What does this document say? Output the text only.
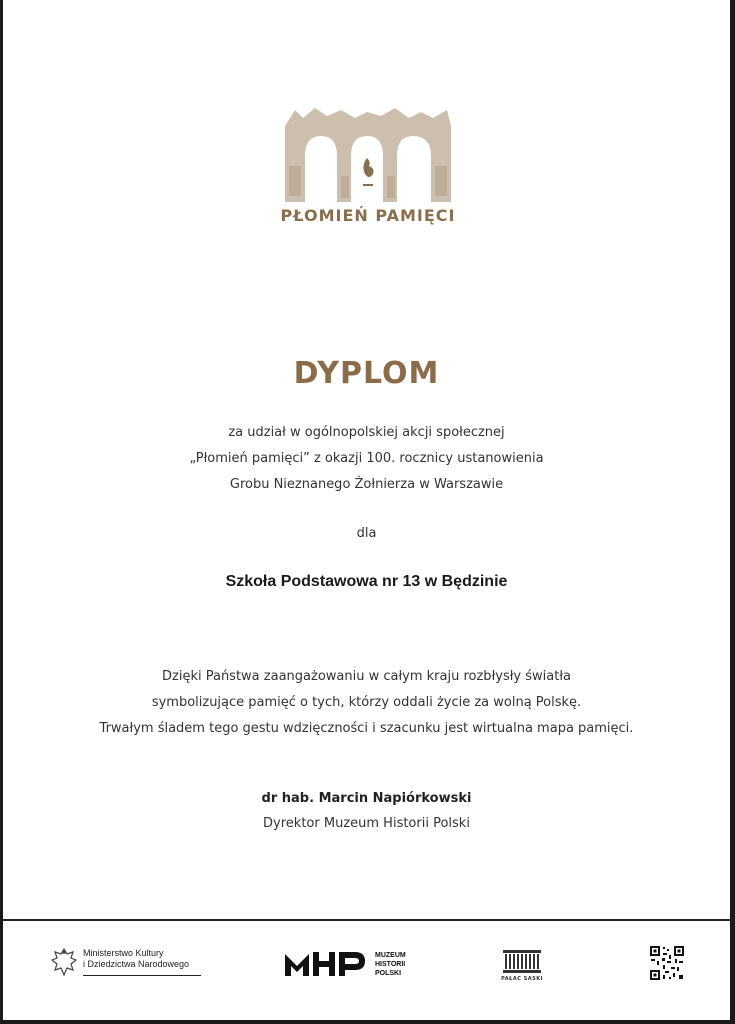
PŁOMIEŃ PAMIĘCI
DYPLOM
za udział w ogólnopolskiej akcji społecznej
„Płomień pamięci” z okazji 100. rocznicy ustanowienia
Grobu Nieznanego Żołnierza w Warszawie
dla
Szkoła Podstawowa nr 13 w Będzinie
Dzięki Państwa zaangażowaniu w całym kraju rozbłysły światła
symbolizujące pamięć o tych, którzy oddali życie za wolną Polskę.
Trwałym śladem tego gestu wdzięczności i szacunku jest wirtualna mapa pamięci.
dr hab. Marcin Napiórkowski
Dyrektor Muzeum Historii Polski
Ministerstwo Kultury
i Dziedzictwa Narodowego
MUZEUM
HISTORII
POLSKI
PAŁAC SASKI
